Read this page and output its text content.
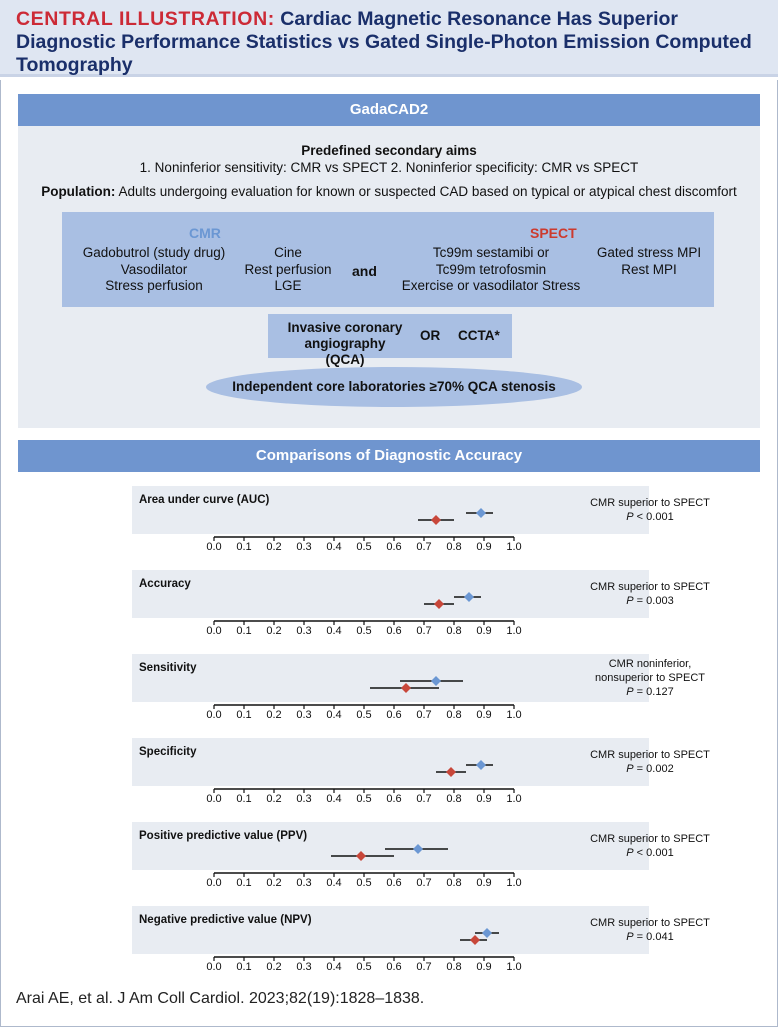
CENTRAL ILLUSTRATION: Cardiac Magnetic Resonance Has Superior Diagnostic Performance Statistics vs Gated Single-Photon Emission Computed Tomography
GadaCAD2
Predefined secondary aims
1. Noninferior sensitivity: CMR vs SPECT 2. Noninferior specificity: CMR vs SPECT
Population: Adults undergoing evaluation for known or suspected CAD based on typical or atypical chest discomfort
CMR
Gadobutrol (study drug)
Vasodilator
Stress perfusion
Cine
Rest perfusion
LGE
and
SPECT
Tc99m sestamibi or
Tc99m tetrofosmin
Exercise or vasodilator Stress
Gated stress MPI
Rest MPI
Invasive coronary angiography (QCA)
OR CCTA*
Independent core laboratories ≥70% QCA stenosis
Comparisons of Diagnostic Accuracy
Area under curve (AUC)
0.0	0.1	0.2	0.3	0.4	0.5	0.6	0.7	0.8	0.9	1.0
CMR superior to SPECT
P < 0.001
Accuracy
0.0	0.1	0.2	0.3	0.4	0.5	0.6	0.7	0.8	0.9	1.0
CMR superior to SPECT
P = 0.003
Sensitivity
0.0	0.1	0.2	0.3	0.4	0.5	0.6	0.7	0.8	0.9	1.0
CMR noninferior,
nonsuperior to SPECT
P = 0.127
Specificity
0.0	0.1	0.2	0.3	0.4	0.5	0.6	0.7	0.8	0.9	1.0
CMR superior to SPECT
P = 0.002
Positive predictive value (PPV)
0.0	0.1	0.2	0.3	0.4	0.5	0.6	0.7	0.8	0.9	1.0
CMR superior to SPECT
P < 0.001
Negative predictive value (NPV)
0.0	0.1	0.2	0.3	0.4	0.5	0.6	0.7	0.8	0.9	1.0
CMR superior to SPECT
P = 0.041
Arai AE, et al. J Am Coll Cardiol. 2023;82(19):1828–1838.
